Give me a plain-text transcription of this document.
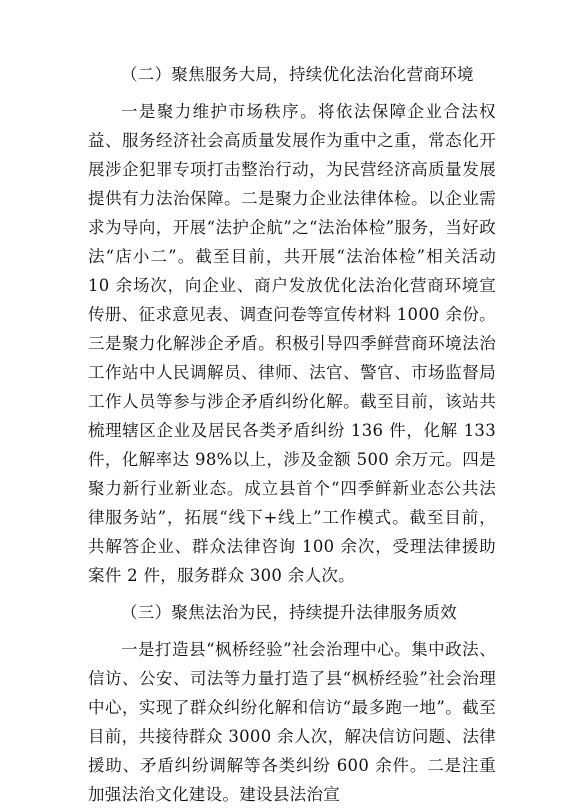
（二）聚焦服务大局，持续优化法治化营商环境

一是聚力维护市场秩序。将依法保障企业合法权益、服务经济社会高质量发展作为重中之重，常态化开展涉企犯罪专项打击整治行动，为民营经济高质量发展提供有力法治保障。二是聚力企业法律体检。以企业需求为导向，开展“法护企航”之“法治体检”服务，当好政法“店小二”。截至目前，共开展“法治体检”相关活动 10 余场次，向企业、商户发放优化法治化营商环境宣传册、征求意见表、调查问卷等宣传材料 1000 余份。三是聚力化解涉企矛盾。积极引导四季鲜营商环境法治工作站中人民调解员、律师、法官、警官、市场监督局工作人员等参与涉企矛盾纠纷化解。截至目前，该站共梳理辖区企业及居民各类矛盾纠纷 136 件，化解 133 件，化解率达 98%以上，涉及金额 500 余万元。四是聚力新行业新业态。成立县首个“四季鲜新业态公共法律服务站”，拓展“线下+线上”工作模式。截至目前，共解答企业、群众法律咨询 100 余次，受理法律援助案件 2 件，服务群众 300 余人次。

（三）聚焦法治为民，持续提升法律服务质效

一是打造县“枫桥经验”社会治理中心。集中政法、信访、公安、司法等力量打造了县“枫桥经验”社会治理中心，实现了群众纠纷化解和信访“最多跑一地”。截至目前，共接待群众 3000 余人次，解决信访问题、法律援助、矛盾纠纷调解等各类纠纷 600 余件。二是注重加强法治文化建设。建设县法治宣
